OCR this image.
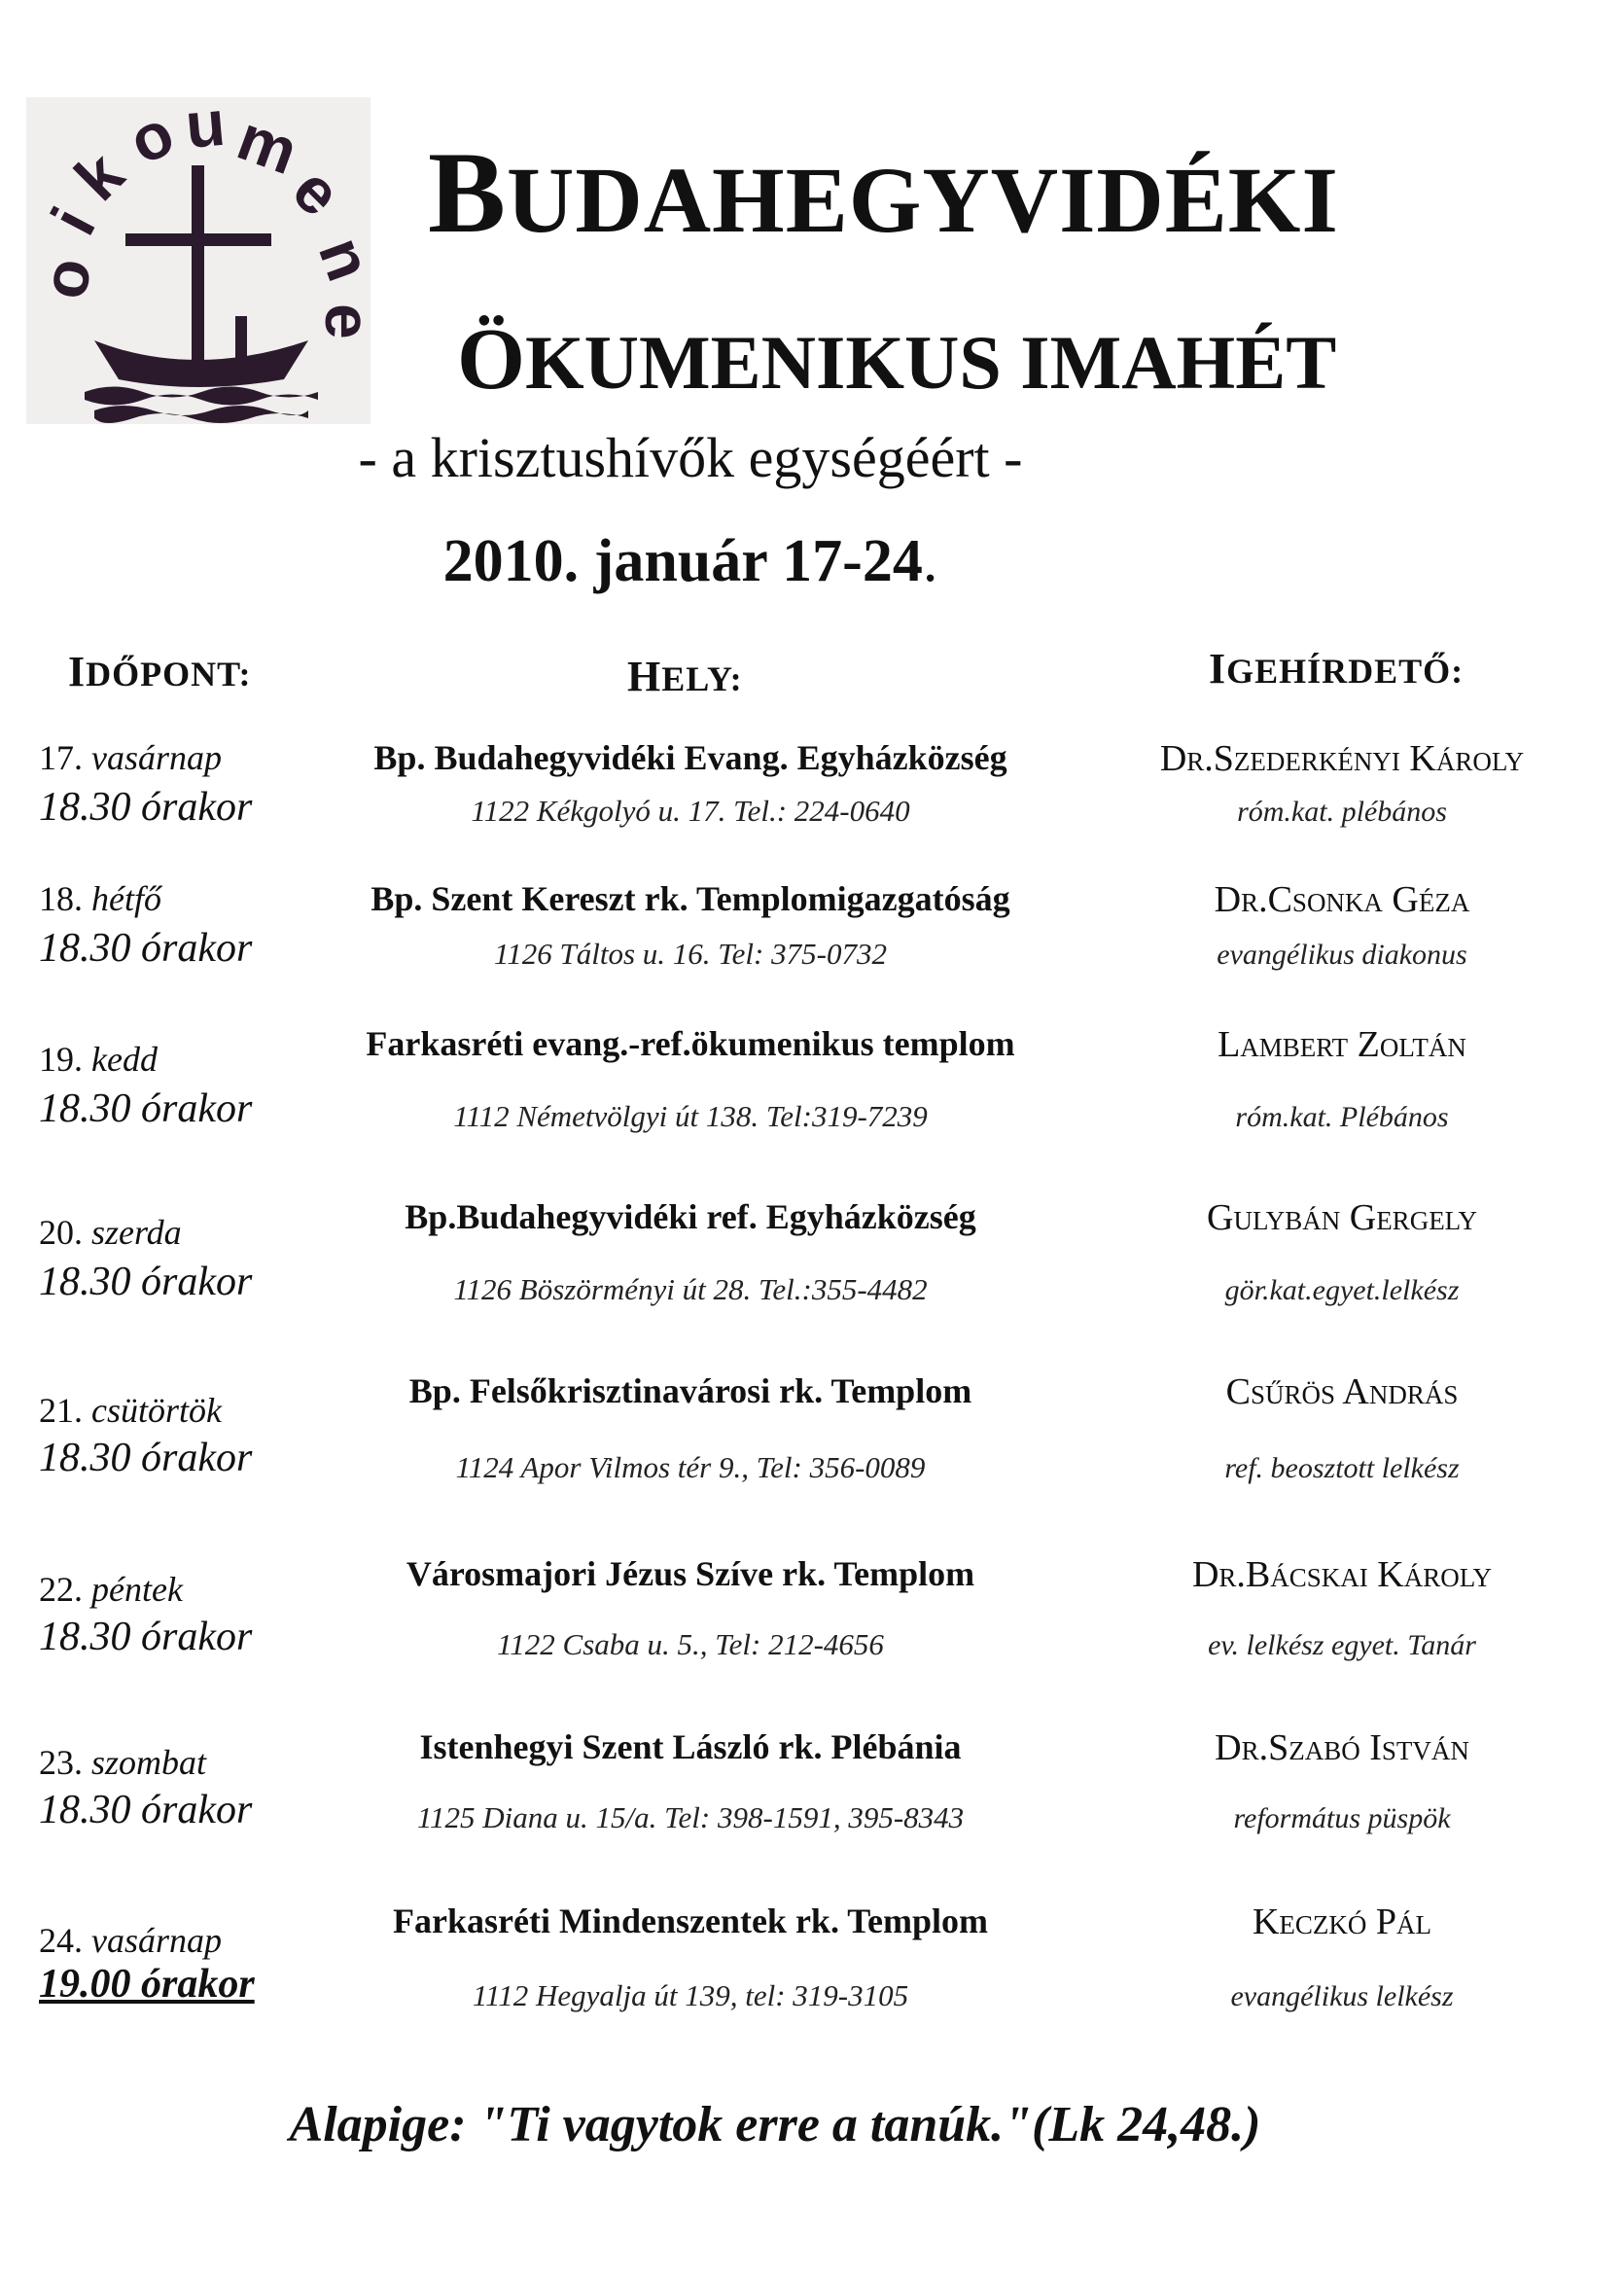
o
i
k
o
u m
e
n
e
BUDAHEGYVIDÉKI
ÖKUMENIKUS IMAHÉT
- a krisztushívők egységéért -
2010. január 17-24.
IDŐPONT:	HELY:	IGEHÍRDETŐ:
17. vasárnap
18.30 órakor
Bp. Budahegyvidéki Evang. Egyházközség
1122 Kékgolyó u. 17. Tel.: 224-0640
Dr.Szederkényi Károly
róm.kat. plébános
18. hétfő
18.30 órakor
Bp. Szent Kereszt rk. Templomigazgatóság
1126 Táltos u. 16. Tel: 375-0732
Dr.Csonka Géza
evangélikus diakonus
19. kedd
18.30 órakor
Farkasréti evang.-ref.ökumenikus templom
1112 Németvölgyi út 138. Tel:319-7239
Lambert Zoltán
róm.kat. Plébános
20. szerda
18.30 órakor
Bp.Budahegyvidéki ref. Egyházközség
1126 Böszörményi út 28. Tel.:355-4482
Gulybán Gergely
gör.kat.egyet.lelkész
21. csütörtök
18.30 órakor
Bp. Felsőkrisztinavárosi rk. Templom
1124 Apor Vilmos tér 9., Tel: 356-0089
Csűrös András
ref. beosztott lelkész
22. péntek
18.30 órakor
Városmajori Jézus Szíve rk. Templom
1122 Csaba u. 5., Tel: 212-4656
Dr.Bácskai Károly
ev. lelkész egyet. Tanár
23. szombat
18.30 órakor
Istenhegyi Szent László rk. Plébánia
1125 Diana u. 15/a. Tel: 398-1591, 395-8343
Dr.Szabó István
református püspök
24. vasárnap
19.00 órakor
Farkasréti Mindenszentek rk. Templom
1112 Hegyalja út 139, tel: 319-3105
Keczkó Pál
evangélikus lelkész
Alapige: "Ti vagytok erre a tanúk."(Lk 24,48.)
